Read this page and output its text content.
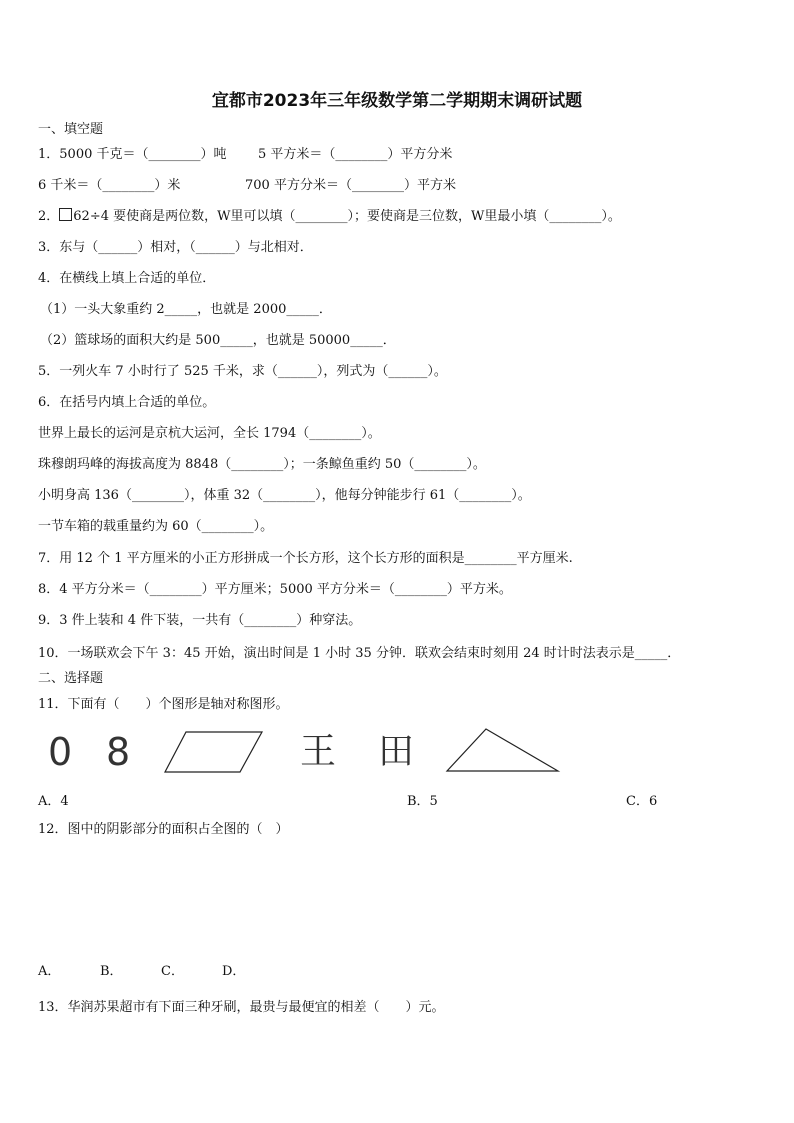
宜都市2023年三年级数学第二学期期末调研试题
一、填空题
1．5000 千克＝（________）吨 5 平方米＝（________）平方分米
6 千米＝（________）米	700 平方分米＝（________）平方米
2． 62÷4 要使商是两位数，W里可以填（________）；要使商是三位数，W里最小填（________）。
3．东与（______）相对，（______）与北相对．
4．在横线上填上合适的单位．
（1）一头大象重约 2_____，也就是 2000_____．
（2）篮球场的面积大约是 500_____，也就是 50000_____．
5．一列火车 7 小时行了 525 千米，求（______），列式为（______）。
6．在括号内填上合适的单位。
世界上最长的运河是京杭大运河，全长 1794（________）。
珠穆朗玛峰的海拔高度为 8848（________）；一条鲸鱼重约 50（________）。
小明身高 136（________），体重 32（________），他每分钟能步行 61（________）。
一节车箱的载重量约为 60（________）。
7．用 12 个 1 平方厘米的小正方形拼成一个长方形，这个长方形的面积是________平方厘米.
8．4 平方分米＝（________）平方厘米；5000 平方分米＝（________）平方米。
9．3 件上装和 4 件下装，一共有（________）种穿法。
10．一场联欢会下午 3：45 开始，演出时间是 1 小时 35 分钟．联欢会结束时刻用 24 时计时法表示是_____．
二、选择题
11．下面有（　　）个图形是轴对称图形。
0 8	王 田
A．4	B．5	C．6
12．图中的阴影部分的面积占全图的（　）
A．	B．	C．	D．
13．华润苏果超市有下面三种牙刷，最贵与最便宜的相差（　　）元。
